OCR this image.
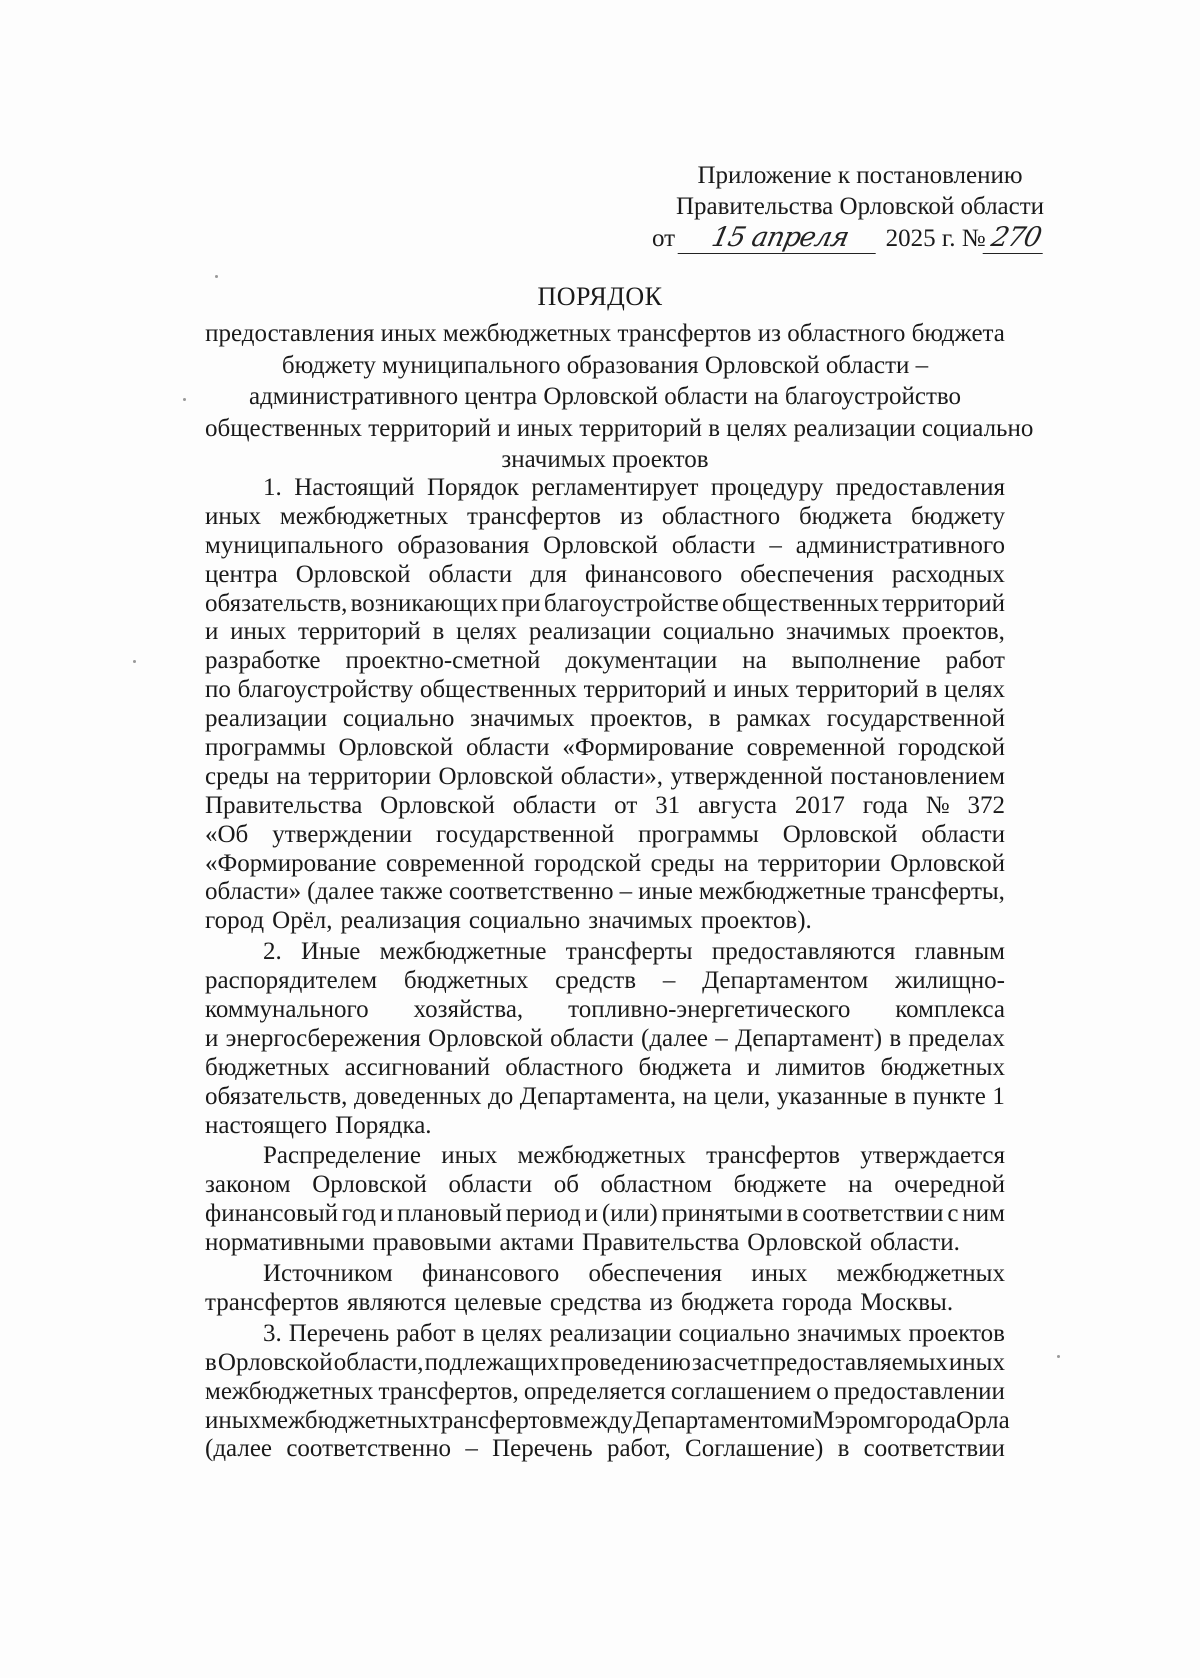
Приложение к постановлению
Правительства Орловской области
от 15 апреля 2025 г. №270
ПОРЯДОК
предоставления иных межбюджетных трансфертов из областного бюджета
бюджету муниципального образования Орловской области –
административного центра Орловской области на благоустройство
общественных территорий и иных территорий в целях реализации социально
значимых проектов
1. Настоящий Порядок регламентирует процедуру предоставления
иных межбюджетных трансфертов из областного бюджета бюджету
муниципального образования Орловской области – административного
центра Орловской области для финансового обеспечения расходных
обязательств, возникающих при благоустройстве общественных территорий
и иных территорий в целях реализации социально значимых проектов,
разработке проектно-сметной документации на выполнение работ
по благоустройству общественных территорий и иных территорий в целях
реализации социально значимых проектов, в рамках государственной
программы Орловской области «Формирование современной городской
среды на территории Орловской области», утвержденной постановлением
Правительства Орловской области от 31 августа 2017 года № 372
«Об утверждении государственной программы Орловской области
«Формирование современной городской среды на территории Орловской
области» (далее также соответственно – иные межбюджетные трансферты,
город Орёл, реализация социально значимых проектов).
2. Иные межбюджетные трансферты предоставляются главным
распорядителем бюджетных средств – Департаментом жилищно-
коммунального хозяйства, топливно-энергетического комплекса
и энергосбережения Орловской области (далее – Департамент) в пределах
бюджетных ассигнований областного бюджета и лимитов бюджетных
обязательств, доведенных до Департамента, на цели, указанные в пункте 1
настоящего Порядка.
Распределение иных межбюджетных трансфертов утверждается
законом Орловской области об областном бюджете на очередной
финансовый год и плановый период и (или) принятыми в соответствии с ним
нормативными правовыми актами Правительства Орловской области.
Источником финансового обеспечения иных межбюджетных
трансфертов являются целевые средства из бюджета города Москвы.
3. Перечень работ в целях реализации социально значимых проектов
в Орловской области, подлежащих проведению за счет предоставляемых иных
межбюджетных трансфертов, определяется соглашением о предоставлении
иных межбюджетных трансфертов между Департаментом и Мэром города Орла
(далее соответственно – Перечень работ, Соглашение) в соответствии
